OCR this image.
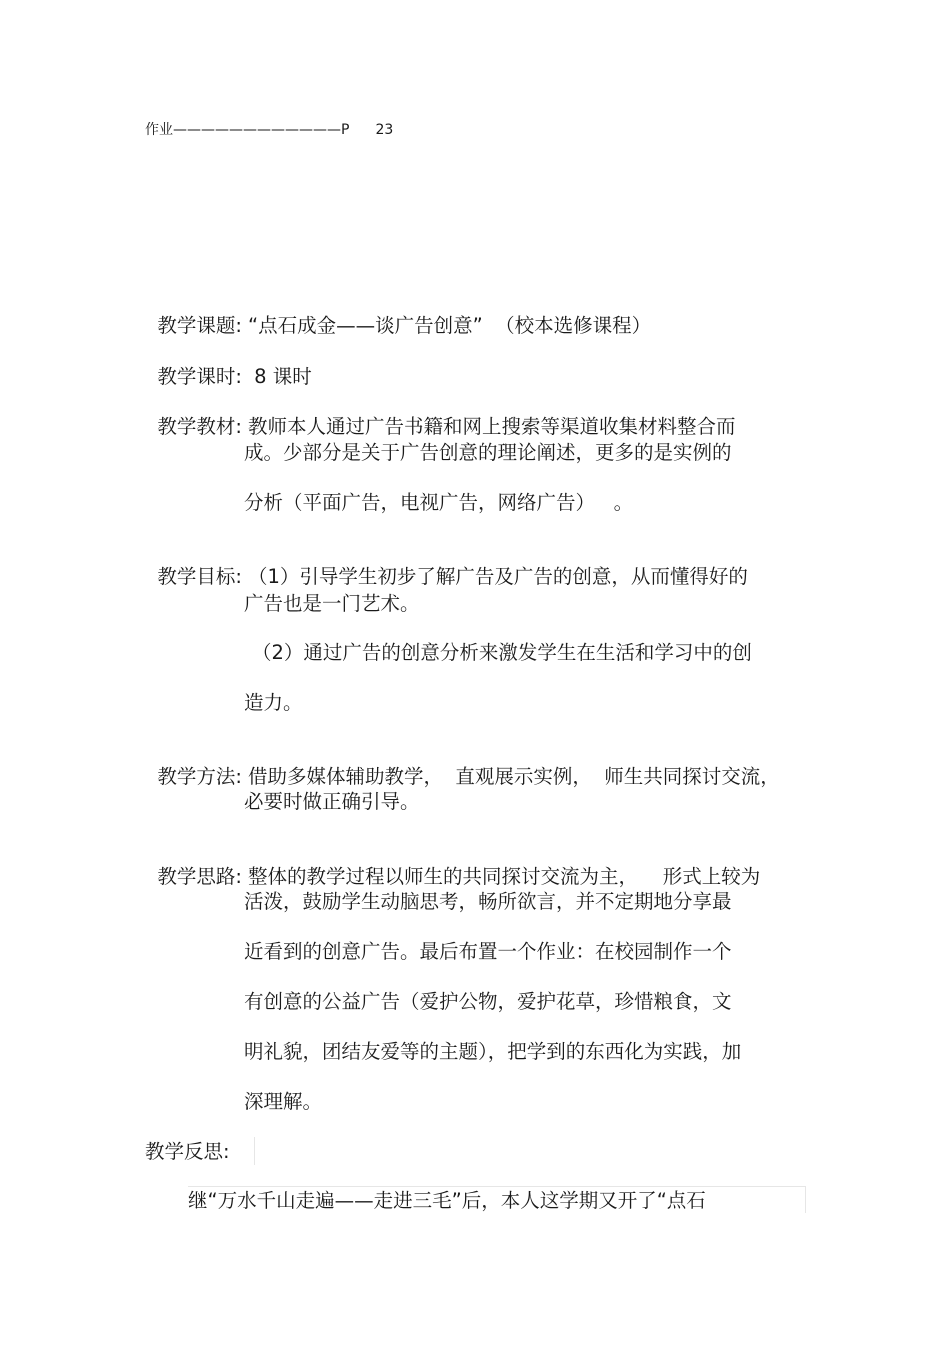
作业————————————P 23

教学课题: “点石成金——谈广告创意”  （校本选修课程）

教学课时: 8 课时

教学教材: 教师本人通过广告书籍和网上搜索等渠道收集材料整合而

成。少部分是关于广告创意的理论阐述，更多的是实例的
分析（平面广告，电视广告，网络广告）   。

教学目标: （1）引导学生初步了解广告及广告的创意，从而懂得好的

广告也是一门艺术。
（2）通过广告的创意分析来激发学生在生活和学习中的创
造力。

教学方法: 借助多媒体辅助教学，  直观展示实例，  师生共同探讨交流，

必要时做正确引导。

教学思路: 整体的教学过程以师生的共同探讨交流为主，    形式上较为

活泼，鼓励学生动脑思考，畅所欲言，并不定期地分享最
近看到的创意广告。最后布置一个作业：在校园制作一个
有创意的公益广告（爱护公物，爱护花草，珍惜粮食，文
明礼貌，团结友爱等的主题），把学到的东西化为实践，加
深理解。
教学反思:
继“万水千山走遍——走进三毛”后，本人这学期又开了“点石
